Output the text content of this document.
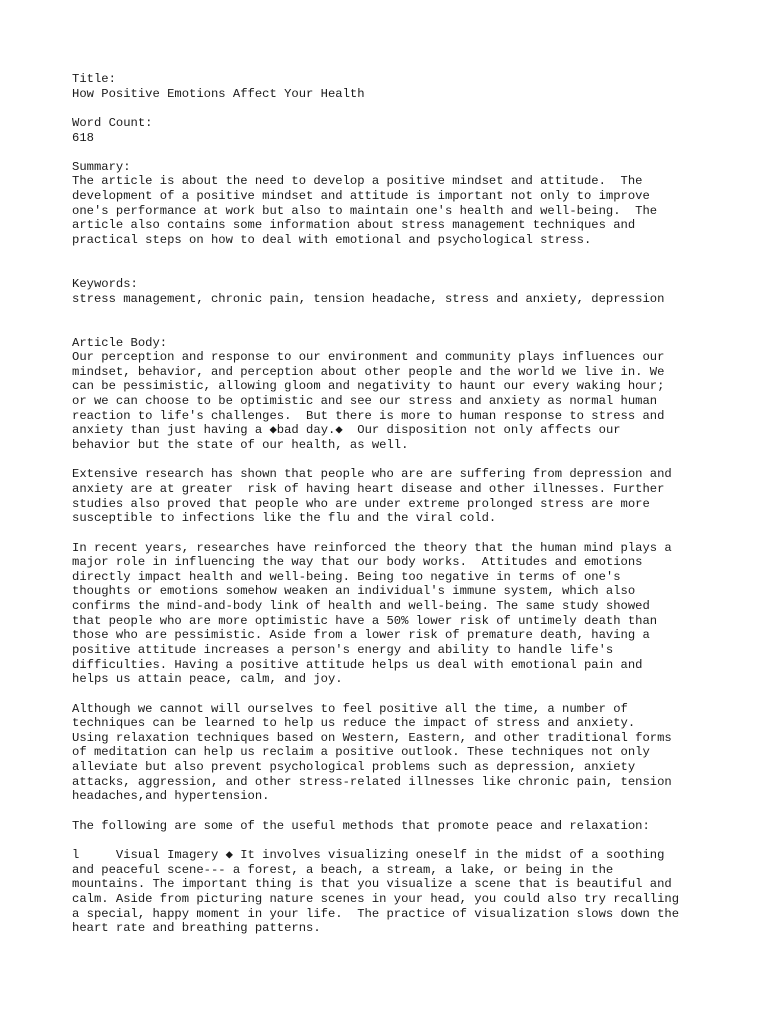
Title:
How Positive Emotions Affect Your Health
Word Count:
618
Summary:
The article is about the need to develop a positive mindset and attitude.  The
development of a positive mindset and attitude is important not only to improve
one's performance at work but also to maintain one's health and well-being.  The
article also contains some information about stress management techniques and
practical steps on how to deal with emotional and psychological stress.
Keywords:
stress management, chronic pain, tension headache, stress and anxiety, depression
Article Body:
Our perception and response to our environment and community plays influences our
mindset, behavior, and perception about other people and the world we live in. We
can be pessimistic, allowing gloom and negativity to haunt our every waking hour;
or we can choose to be optimistic and see our stress and anxiety as normal human
reaction to life's challenges.  But there is more to human response to stress and
anxiety than just having a ◆bad day.◆  Our disposition not only affects our
behavior but the state of our health, as well.
Extensive research has shown that people who are are suffering from depression and
anxiety are at greater  risk of having heart disease and other illnesses. Further
studies also proved that people who are under extreme prolonged stress are more
susceptible to infections like the flu and the viral cold.
In recent years, researches have reinforced the theory that the human mind plays a
major role in influencing the way that our body works.  Attitudes and emotions
directly impact health and well-being. Being too negative in terms of one's
thoughts or emotions somehow weaken an individual's immune system, which also
confirms the mind-and-body link of health and well-being. The same study showed
that people who are more optimistic have a 50% lower risk of untimely death than
those who are pessimistic. Aside from a lower risk of premature death, having a
positive attitude increases a person's energy and ability to handle life's
difficulties. Having a positive attitude helps us deal with emotional pain and
helps us attain peace, calm, and joy.
Although we cannot will ourselves to feel positive all the time, a number of
techniques can be learned to help us reduce the impact of stress and anxiety.
Using relaxation techniques based on Western, Eastern, and other traditional forms
of meditation can help us reclaim a positive outlook. These techniques not only
alleviate but also prevent psychological problems such as depression, anxiety
attacks, aggression, and other stress-related illnesses like chronic pain, tension
headaches,and hypertension.
The following are some of the useful methods that promote peace and relaxation:
l     Visual Imagery ◆ It involves visualizing oneself in the midst of a soothing
and peaceful scene--- a forest, a beach, a stream, a lake, or being in the
mountains. The important thing is that you visualize a scene that is beautiful and
calm. Aside from picturing nature scenes in your head, you could also try recalling
a special, happy moment in your life.  The practice of visualization slows down the
heart rate and breathing patterns.
